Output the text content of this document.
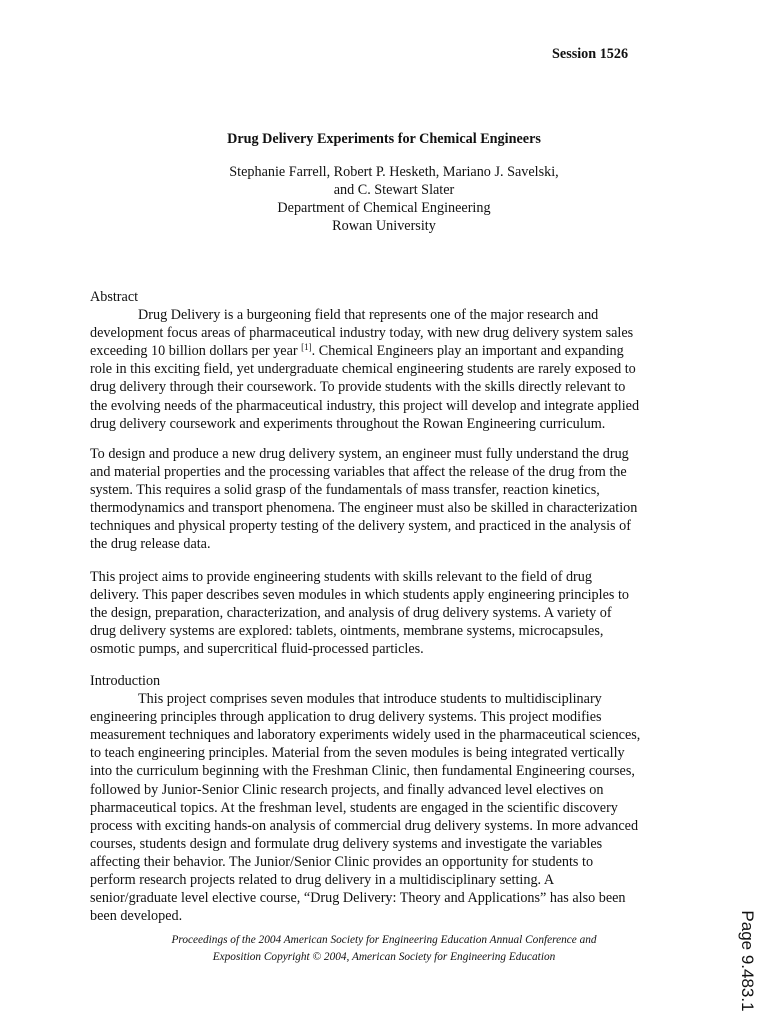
Session 1526
Drug Delivery Experiments for Chemical Engineers
Stephanie Farrell, Robert P. Hesketh, Mariano J. Savelski,
and C. Stewart Slater
Department of Chemical Engineering
Rowan University
Abstract
Drug Delivery is a burgeoning field that represents one of the major research and
development focus areas of pharmaceutical industry today, with new drug delivery system sales
exceeding 10 billion dollars per year [1]. Chemical Engineers play an important and expanding
role in this exciting field, yet undergraduate chemical engineering students are rarely exposed to
drug delivery through their coursework. To provide students with the skills directly relevant to
the evolving needs of the pharmaceutical industry, this project will develop and integrate applied
drug delivery coursework and experiments throughout the Rowan Engineering curriculum.
To design and produce a new drug delivery system, an engineer must fully understand the drug
and material properties and the processing variables that affect the release of the drug from the
system. This requires a solid grasp of the fundamentals of mass transfer, reaction kinetics,
thermodynamics and transport phenomena. The engineer must also be skilled in characterization
techniques and physical property testing of the delivery system, and practiced in the analysis of
the drug release data.
This project aims to provide engineering students with skills relevant to the field of drug
delivery. This paper describes seven modules in which students apply engineering principles to
the design, preparation, characterization, and analysis of drug delivery systems. A variety of
drug delivery systems are explored: tablets, ointments, membrane systems, microcapsules,
osmotic pumps, and supercritical fluid-processed particles.
Introduction
This project comprises seven modules that introduce students to multidisciplinary
engineering principles through application to drug delivery systems. This project modifies
measurement techniques and laboratory experiments widely used in the pharmaceutical sciences,
to teach engineering principles. Material from the seven modules is being integrated vertically
into the curriculum beginning with the Freshman Clinic, then fundamental Engineering courses,
followed by Junior-Senior Clinic research projects, and finally advanced level electives on
pharmaceutical topics. At the freshman level, students are engaged in the scientific discovery
process with exciting hands-on analysis of commercial drug delivery systems. In more advanced
courses, students design and formulate drug delivery systems and investigate the variables
affecting their behavior. The Junior/Senior Clinic provides an opportunity for students to
perform research projects related to drug delivery in a multidisciplinary setting. A
senior/graduate level elective course, “Drug Delivery: Theory and Applications” has also been
been developed.
Proceedings of the 2004 American Society for Engineering Education Annual Conference and
Exposition Copyright © 2004, American Society for Engineering Education	Page 9.483.1
